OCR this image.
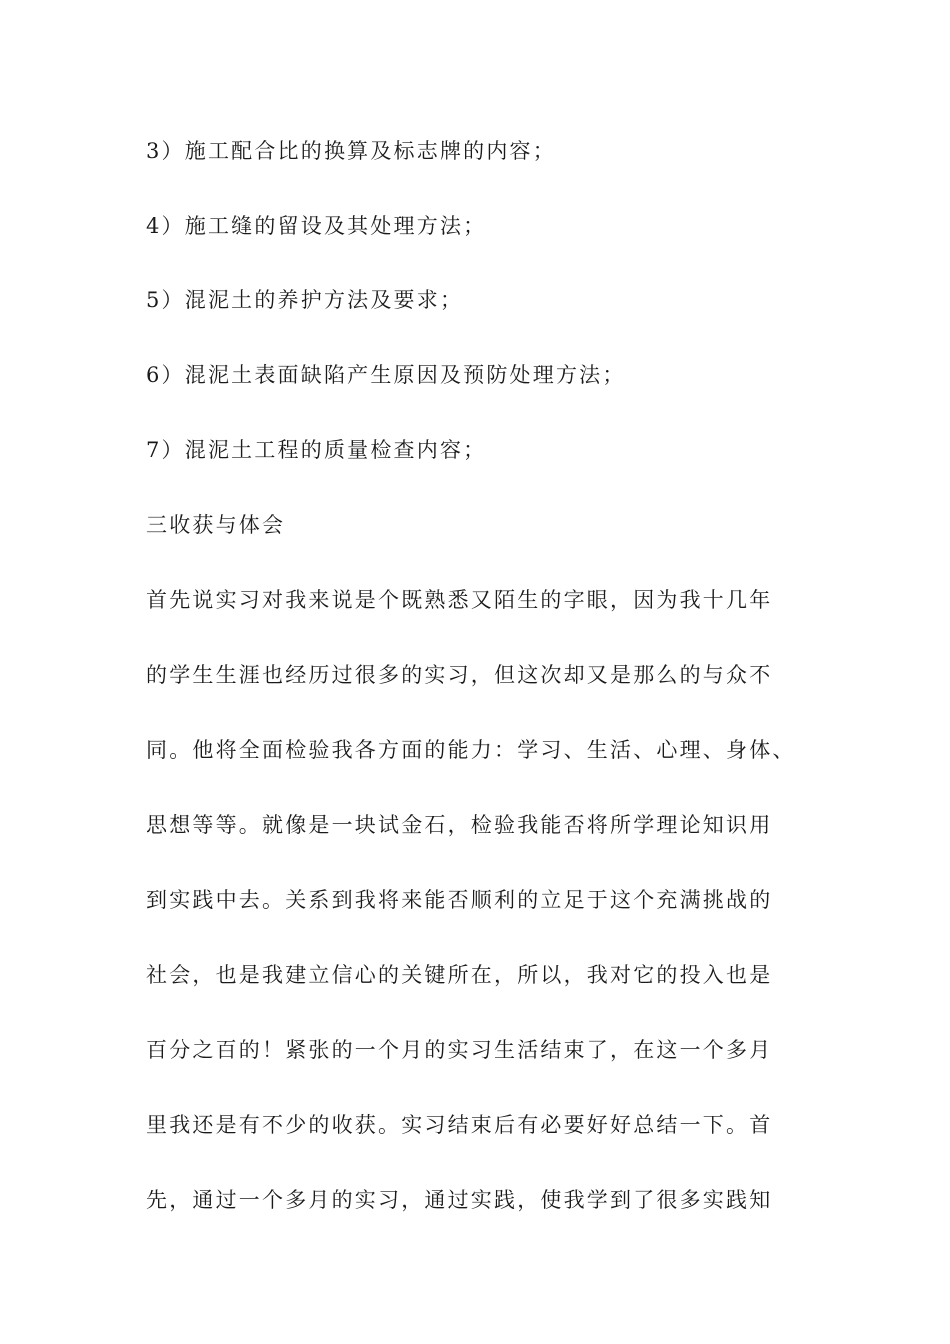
3）施工配合比的换算及标志牌的内容；
4）施工缝的留设及其处理方法；
5）混泥土的养护方法及要求；
6）混泥土表面缺陷产生原因及预防处理方法；
7）混泥土工程的质量检查内容；
三收获与体会
首先说实习对我来说是个既熟悉又陌生的字眼，因为我十几年
的学生生涯也经历过很多的实习，但这次却又是那么的与众不
同。他将全面检验我各方面的能力：学习、生活、心理、身体、
思想等等。就像是一块试金石，检验我能否将所学理论知识用
到实践中去。关系到我将来能否顺利的立足于这个充满挑战的
社会，也是我建立信心的关键所在，所以，我对它的投入也是
百分之百的！紧张的一个月的实习生活结束了，在这一个多月
里我还是有不少的收获。实习结束后有必要好好总结一下。首
先，通过一个多月的实习，通过实践，使我学到了很多实践知
